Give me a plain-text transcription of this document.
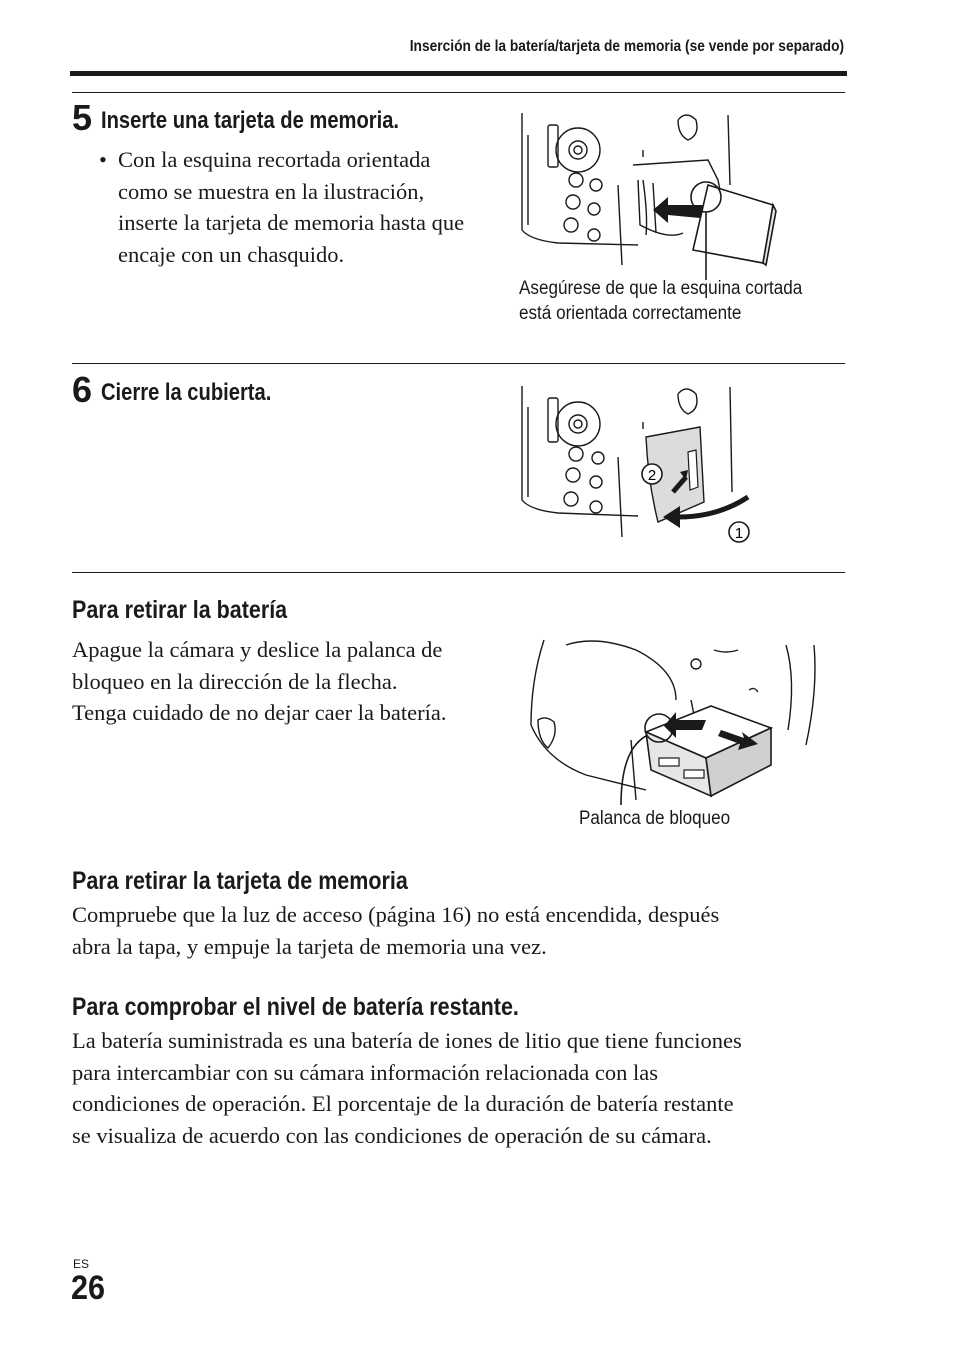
Inserción de la batería/tarjeta de memoria (se vende por separado)
5 Inserte una tarjeta de memoria.
• Con la esquina recortada orientada
como se muestra en la ilustración,
inserte la tarjeta de memoria hasta que
encaje con un chasquido.
Asegúrese de que la esquina cortada
está orientada correctamente
6 Cierre la cubierta.
2
1
Para retirar la batería
Apague la cámara y deslice la palanca de
bloqueo en la dirección de la flecha.
Tenga cuidado de no dejar caer la batería.
Palanca de bloqueo
Para retirar la tarjeta de memoria
Compruebe que la luz de acceso (página 16) no está encendida, después
abra la tapa, y empuje la tarjeta de memoria una vez.
Para comprobar el nivel de batería restante.
La batería suministrada es una batería de iones de litio que tiene funciones
para intercambiar con su cámara información relacionada con las
condiciones de operación. El porcentaje de la duración de batería restante
se visualiza de acuerdo con las condiciones de operación de su cámara.
ES
26
